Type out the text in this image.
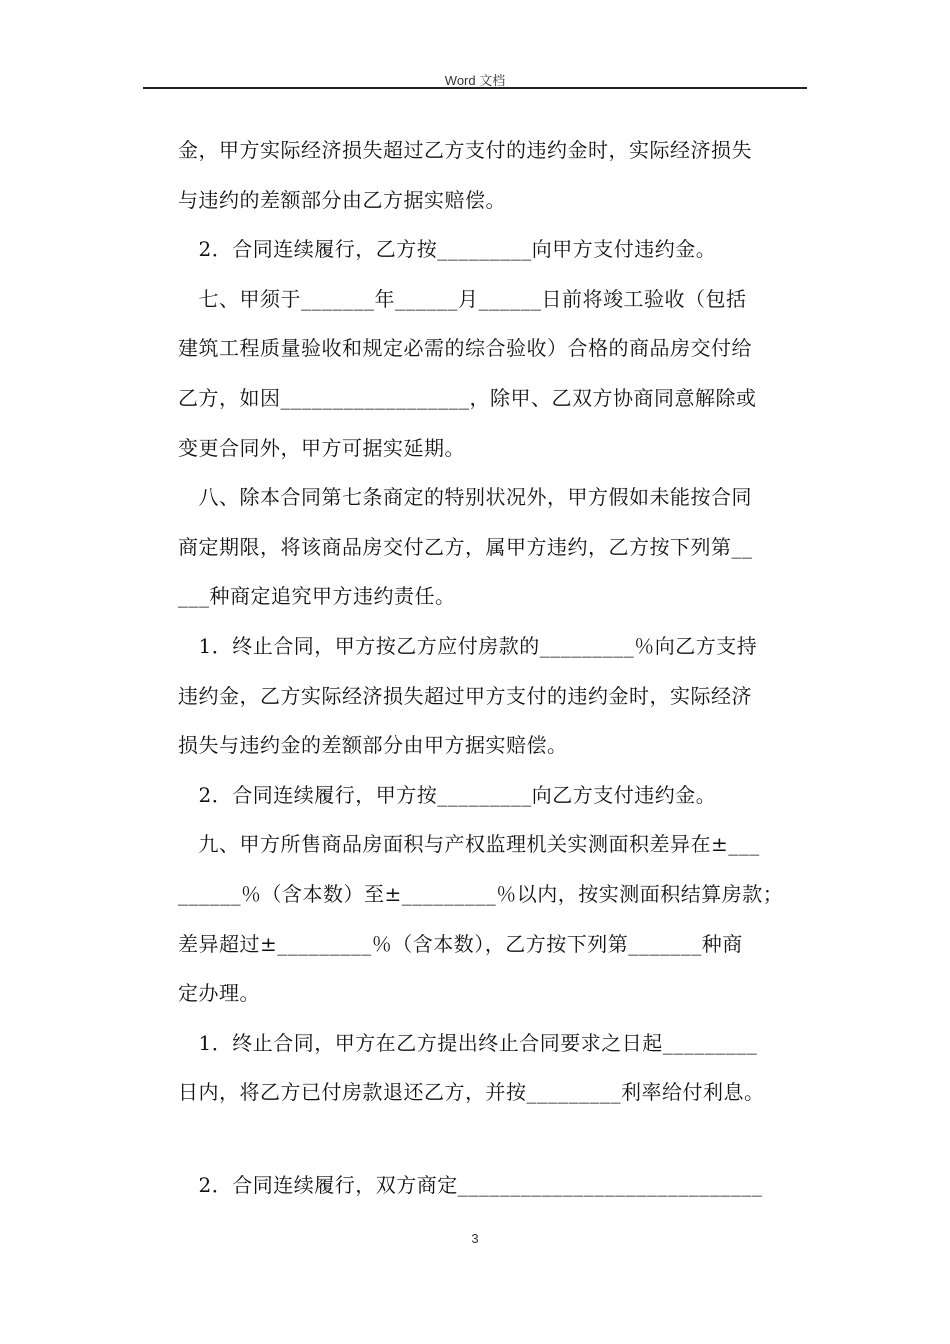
Word 文档
金，甲方实际经济损失超过乙方支付的违约金时，实际经济损失
与违约的差额部分由乙方据实赔偿。
　2．合同连续履行，乙方按_________向甲方支付违约金。
　七、甲须于_______年______月______日前将竣工验收（包括
建筑工程质量验收和规定必需的综合验收）合格的商品房交付给
乙方，如因__________________，除甲、乙双方协商同意解除或
变更合同外，甲方可据实延期。
　八、除本合同第七条商定的特别状况外，甲方假如未能按合同
商定期限，将该商品房交付乙方，属甲方违约，乙方按下列第__
___种商定追究甲方违约责任。
　1．终止合同，甲方按乙方应付房款的_________％向乙方支持
违约金，乙方实际经济损失超过甲方支付的违约金时，实际经济
损失与违约金的差额部分由甲方据实赔偿。
　2．合同连续履行，甲方按_________向乙方支付违约金。
　九、甲方所售商品房面积与产权监理机关实测面积差异在±___
______％（含本数）至±_________％以内，按实测面积结算房款；
差异超过±_________％（含本数），乙方按下列第_______种商
定办理。
　1．终止合同，甲方在乙方提出终止合同要求之日起_________
日内，将乙方已付房款退还乙方，并按_________利率给付利息。
　2．合同连续履行，双方商定_____________________________
3
